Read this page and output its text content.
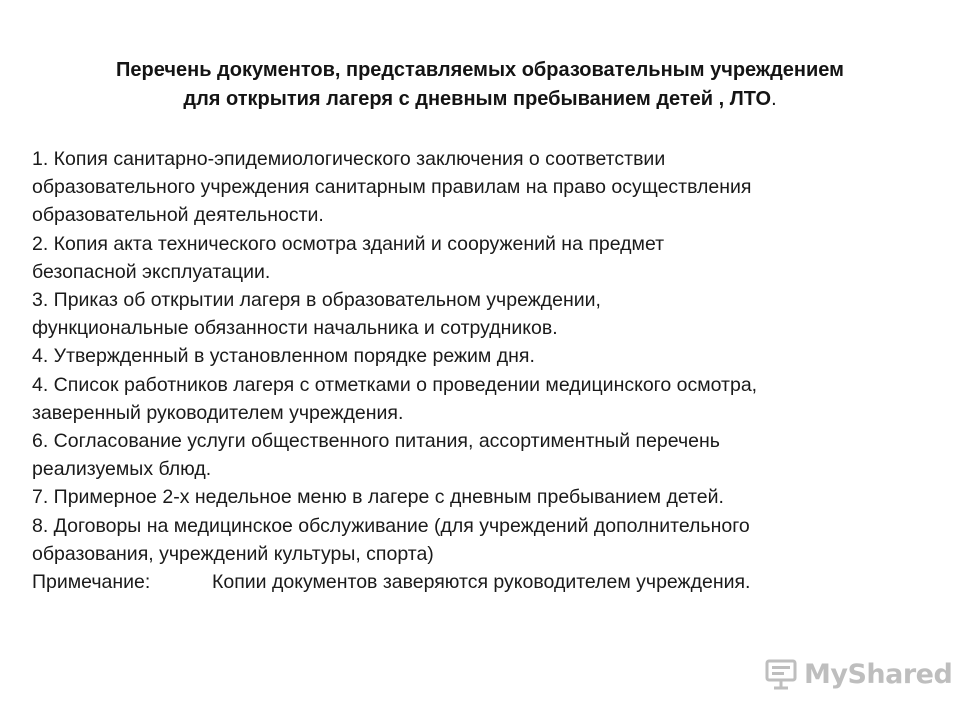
Перечень документов, представляемых образовательным учреждением
для открытия лагеря с дневным пребыванием детей , ЛТО.
1. Копия санитарно-эпидемиологического заключения о соответствии
образовательного учреждения санитарным правилам на право осуществления
образовательной деятельности.
2. Копия акта технического осмотра зданий и сооружений на предмет
безопасной эксплуатации.
3. Приказ об открытии лагеря в образовательном учреждении,
функциональные обязанности начальника и сотрудников.
4. Утвержденный в установленном порядке режим дня.
4. Список работников лагеря с отметками о проведении медицинского осмотра,
заверенный руководителем учреждения.
6. Согласование услуги общественного питания, ассортиментный перечень
реализуемых блюд.
7. Примерное 2-х недельное меню в лагере с дневным пребыванием детей.
8. Договоры на медицинское обслуживание (для учреждений дополнительного
образования, учреждений культуры, спорта)
Примечание:	Копии документов заверяются руководителем учреждения.
MyShared
